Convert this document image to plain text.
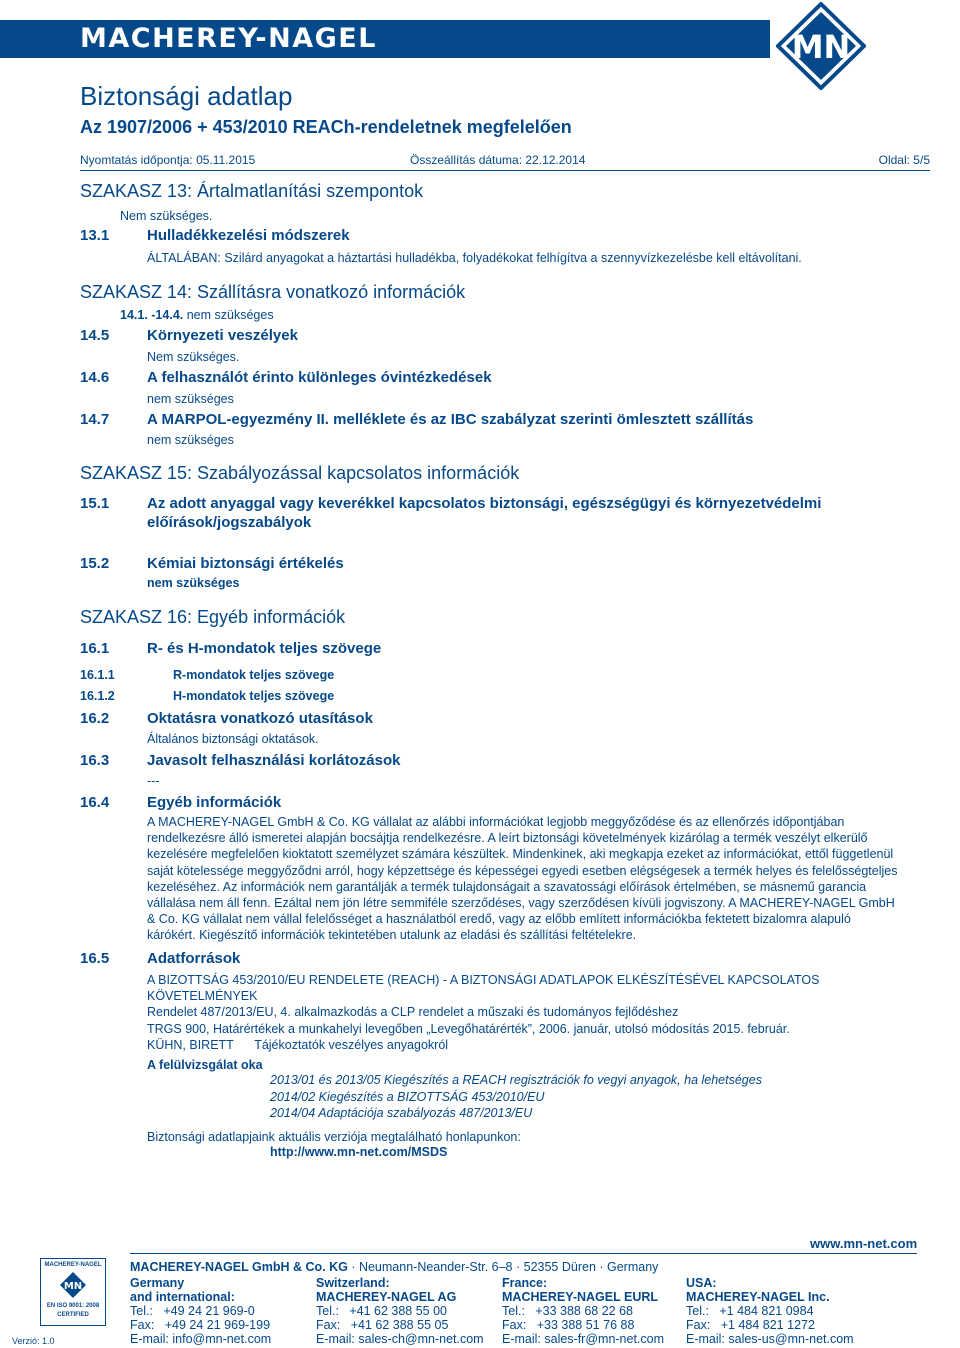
MACHEREY-NAGEL	MN
Biztonsági adatlap
Az 1907/2006 + 453/2010 REACh-rendeletnek megfelelően
Nyomtatás időpontja: 05.11.2015	Összeállítás dátuma: 22.12.2014	Oldal: 5/5
SZAKASZ 13: Ártalmatlanítási szempontok
Nem szükséges.
13.1	Hulladékkezelési módszerek
ÁLTALÁBAN: Szilárd anyagokat a háztartási hulladékba, folyadékokat felhígítva a szennyvízkezelésbe kell eltávolítani.
SZAKASZ 14: Szállításra vonatkozó információk
14.1. -14.4. nem szükséges
14.5	Környezeti veszélyek
Nem szükséges.
14.6	A felhasználót érinto különleges óvintézkedések
nem szükséges
14.7	A MARPOL-egyezmény II. melléklete és az IBC szabályzat szerinti ömlesztett szállítás
nem szükséges
SZAKASZ 15: Szabályozással kapcsolatos információk
15.1	Az adott anyaggal vagy keverékkel kapcsolatos biztonsági, egészségügyi és környezetvédelmi
előírások/jogszabályok
15.2	Kémiai biztonsági értékelés
nem szükséges
SZAKASZ 16: Egyéb információk
16.1	R- és H-mondatok teljes szövege
16.1.1	R-mondatok teljes szövege
16.1.2	H-mondatok teljes szövege
16.2	Oktatásra vonatkozó utasítások
Általános biztonsági oktatások.
16.3	Javasolt felhasználási korlátozások
---
16.4	Egyéb információk
A MACHEREY-NAGEL GmbH & Co. KG vállalat az alábbi információkat legjobb meggyőződése és az ellenőrzés időpontjában
rendelkezésre álló ismeretei alapján bocsájtja rendelkezésre. A leírt biztonsági követelmények kizárólag a termék veszélyt elkerülő
kezelésére megfelelően kioktatott személyzet számára készültek. Mindenkinek, aki megkapja ezeket az információkat, ettől függetlenül
saját kötelessége meggyőződni arról, hogy képzettsége és képességei egyedi esetben elégségesek a termék helyes és felelősségteljes
kezeléséhez. Az információk nem garantálják a termék tulajdonságait a szavatossági előírások értelmében, se másnemű garancia
vállalása nem áll fenn. Ezáltal nem jön létre semmiféle szerződéses, vagy szerződésen kívüli jogviszony. A MACHEREY-NAGEL GmbH
& Co. KG vállalat nem vállal felelősséget a használatból eredő, vagy az előbb említett információkba fektetett bizalomra alapuló
kárókért. Kiegészítő információk tekintetében utalunk az eladási és szállítási feltételekre.
16.5	Adatforrások
A BIZOTTSÁG 453/2010/EU RENDELETE (REACH) - A BIZTONSÁGI ADATLAPOK ELKÉSZÍTÉSÉVEL KAPCSOLATOS
KÖVETELMÉNYEK
Rendelet 487/2013/EU, 4. alkalmazkodás a CLP rendelet a műszaki és tudományos fejlődéshez
TRGS 900, Határértékek a munkahelyi levegőben „Levegőhatárérték”, 2006. január, utolsó módosítás 2015. február.
KÜHN, BIRETT      Tájékoztatók veszélyes anyagokról
A felülvizsgálat oka
2013/01 és 2013/05 Kiegészítés a REACH regisztrációk fo vegyi anyagok, ha lehetséges
2014/02 Kiegészítés a BIZOTTSÁG 453/2010/EU
2014/04 Adaptációja szabályozás 487/2013/EU
Biztonsági adatlapjaink aktuális verziója megtalálható honlapunkon:
http://www.mn-net.com/MSDS
www.mn-net.com
MACHEREY-NAGEL GmbH & Co. KG · Neumann-Neander-Str. 6–8 · 52355 Düren · Germany
MACHEREY-NAGEL
MN
EN ISO 9001: 2008
CERTIFIED
Verzió: 1.0
Germany
and international:
Tel.:   +49 24 21 969-0
Fax:   +49 24 21 969-199
E-mail: info@mn-net.com
Switzerland:
MACHEREY-NAGEL AG
Tel.:   +41 62 388 55 00
Fax:   +41 62 388 55 05
E-mail: sales-ch@mn-net.com
France:
MACHEREY-NAGEL EURL
Tel.:   +33 388 68 22 68
Fax:   +33 388 51 76 88
E-mail: sales-fr@mn-net.com
USA:
MACHEREY-NAGEL Inc.
Tel.:   +1 484 821 0984
Fax:   +1 484 821 1272
E-mail: sales-us@mn-net.com
